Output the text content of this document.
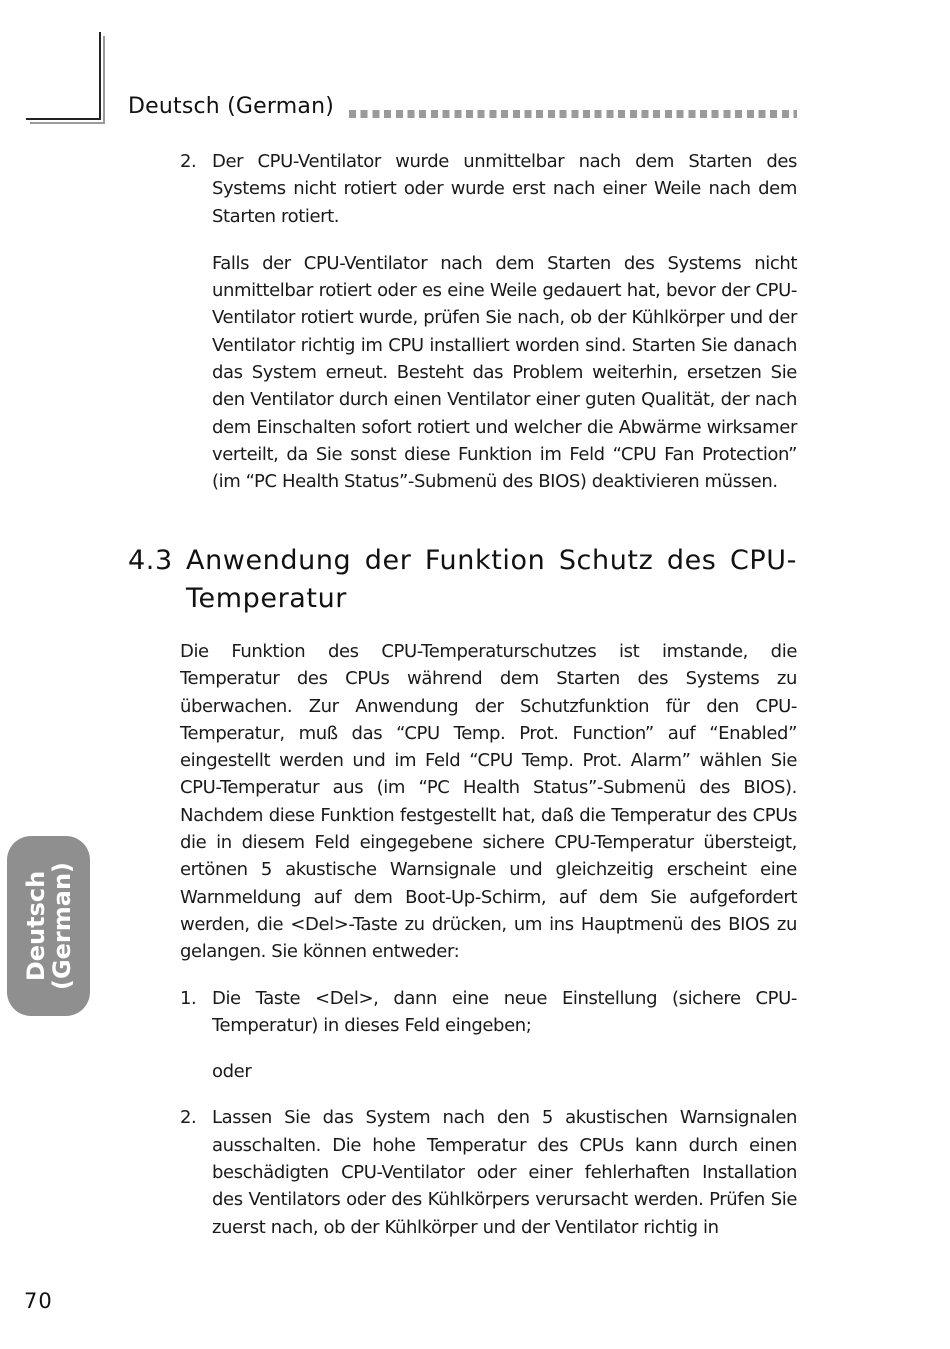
Deutsch (German)
2. Der CPU-Ventilator wurde unmittelbar nach dem Starten des Systems nicht rotiert oder wurde erst nach einer Weile nach dem Starten rotiert.

Falls der CPU-Ventilator nach dem Starten des Systems nicht unmittelbar rotiert oder es eine Weile gedauert hat, bevor der CPU-Ventilator rotiert wurde, prüfen Sie nach, ob der Kühlkörper und der Ventilator richtig im CPU installiert worden sind. Starten Sie danach das System erneut. Besteht das Problem weiterhin, ersetzen Sie den Ventilator durch einen Ventilator einer guten Qualität, der nach dem Einschalten sofort rotiert und welcher die Abwärme wirksamer verteilt, da Sie sonst diese Funktion im Feld “CPU Fan Protection” (im “PC Health Status”-Submenü des BIOS) deaktivieren müssen.

4.3 Anwendung der Funktion Schutz des CPU-Temperatur

Die Funktion des CPU-Temperaturschutzes ist imstande, die Temperatur des CPUs während dem Starten des Systems zu überwachen. Zur Anwendung der Schutzfunktion für den CPU-Temperatur, muß das “CPU Temp. Prot. Function” auf “Enabled” eingestellt werden und im Feld “CPU Temp. Prot. Alarm” wählen Sie CPU-Temperatur aus (im “PC Health Status”-Submenü des BIOS). Nachdem diese Funktion festgestellt hat, daß die Temperatur des CPUs die in diesem Feld eingegebene sichere CPU-Temperatur übersteigt, ertönen 5 akustische Warnsignale und gleichzeitig erscheint eine Warnmeldung auf dem Boot-Up-Schirm, auf dem Sie aufgefordert werden, die <Del>-Taste zu drücken, um ins Hauptmenü des BIOS zu gelangen. Sie können entweder:

1. Die Taste <Del>, dann eine neue Einstellung (sichere CPU-Temperatur) in dieses Feld eingeben;

oder

2. Lassen Sie das System nach den 5 akustischen Warnsignalen ausschalten. Die hohe Temperatur des CPUs kann durch einen beschädigten CPU-Ventilator oder einer fehlerhaften Installation des Ventilators oder des Kühlkörpers verursacht werden. Prüfen Sie zuerst nach, ob der Kühlkörper und der Ventilator richtig in
Deutsch
(German)
70
